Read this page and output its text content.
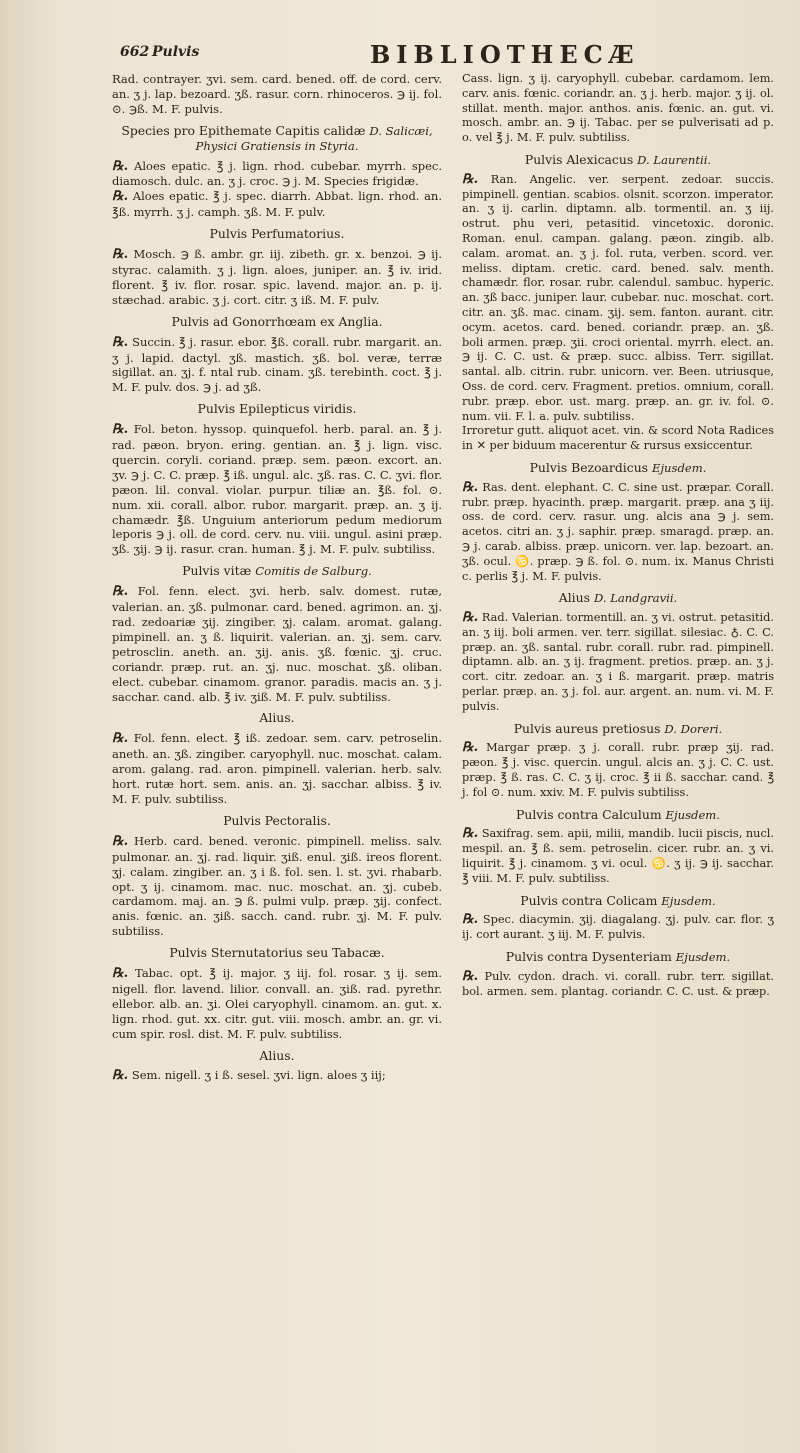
662 Pulvis	BIBLIOTHECÆ

Rad. contrayer. ʒvi. sem. card. bened. off. de cord. cerv. an. ʒ j. lap. bezoard. ʒß. rasur. corn. rhinoceros. ℈ ij. fol. ⊙. ℈ß. M. F. pulvis.

Species pro Epithemate Capitis calidæ D. Salicæi, Physici Gratiensis in Styria.

℞. Aloes epatic. ℥ j. lign. rhod. cubebar. myrrh. spec. diamosch. dulc. an. ʒ j. croc. ℈ j. M. Species frigidæ.

℞. Aloes epatic. ℥ j. spec. diarrh. Abbat. lign. rhod. an. ℥ß. myrrh. ʒ j. camph. ʒß. M. F. pulv.

Pulvis Perfumatorius.

℞. Mosch. ℈ ß. ambr. gr. iij. zibeth. gr. x. benzoi. ℈ ij. styrac. calamith. ʒ j. lign. aloes, juniper. an. ℥ iv. irid. florent. ℥ iv. flor. rosar. spic. lavend. major. an. p. ij. stæchad. arabic. ʒ j. cort. citr. ʒ iß. M. F. pulv.

Pulvis ad Gonorrhœam ex Anglia.

℞. Succin. ℥ j. rasur. ebor. ℥ß. corall. rubr. margarit. an. ʒ j. lapid. dactyl. ʒß. mastich. ʒß. bol. veræ, terræ sigillat. an. ʒj. f. ntal rub. cinam. ʒß. terebinth. coct. ℥ j. M. F. pulv. dos. ℈ j. ad ʒß.

Pulvis Epilepticus viridis.

℞. Fol. beton. hyssop. quinquefol. herb. paral. an. ℥ j. rad. pæon. bryon. ering. gentian. an. ℥ j. lign. visc. quercin. coryli. coriand. præp. sem. pæon. excort. an. ʒv. ℈ j. C. C. præp. ℥ iß. ungul. alc. ʒß. ras. C. C. ʒvi. flor. pæon. lil. conval. violar. purpur. tiliæ an. ℥ß. fol. ⊙. num. xii. corall. albor. rubor. margarit. præp. an. ʒ ij. chamædr. ℥ß. Unguium anteriorum pedum mediorum leporis ℈ j. oll. de cord. cerv. nu. viii. ungul. asini præp. ʒß. ʒij. ℈ ij. rasur. cran. human. ℥ j. M. F. pulv. subtiliss.

Pulvis vitæ Comitis de Salburg.

℞. Fol. fenn. elect. ʒvi. herb. salv. domest. rutæ, valerian. an. ʒß. pulmonar. card. bened. agrimon. an. ʒj. rad. zedoariæ ʒij. zingiber. ʒj. calam. aromat. galang. pimpinell. an. ʒ ß. liquirit. valerian. an. ʒj. sem. carv. petrosclin. aneth. an. ʒij. anis. ʒß. fœnic. ʒj. cruc. coriandr. præp. rut. an. ʒj. nuc. moschat. ʒß. oliban. elect. cubebar. cinamom. granor. paradis. macis an. ʒ j. sacchar. cand. alb. ℥ iv. ʒiß. M. F. pulv. subtiliss.

Alius.

℞. Fol. fenn. elect. ℥ iß. zedoar. sem. carv. petroselin. aneth. an. ʒß. zingiber. caryophyll. nuc. moschat. calam. arom. galang. rad. aron. pimpinell. valerian. herb. salv. hort. rutæ hort. sem. anis. an. ʒj. sacchar. albiss. ℥ iv. M. F. pulv. subtiliss.

Pulvis Pectoralis.

℞. Herb. card. bened. veronic. pimpinell. meliss. salv. pulmonar. an. ʒj. rad. liquir. ʒiß. enul. ʒiß. ireos florent. ʒj. calam. zingiber. an. ʒ i ß. fol. sen. l. st. ʒvi. rhabarb. opt. ʒ ij. cinamom. mac. nuc. moschat. an. ʒj. cubeb. cardamom. maj. an. ℈ ß. pulmi vulp. præp. ʒij. confect. anis. fœnic. an. ʒiß. sacch. cand. rubr. ʒj. M. F. pulv. subtiliss.

Pulvis Sternutatorius seu Tabacæ.

℞. Tabac. opt. ℥ ij. major. ʒ iij. fol. rosar. ʒ ij. sem. nigell. flor. lavend. lilior. convall. an. ʒiß. rad. pyrethr. ellebor. alb. an. ʒi. Olei caryophyll. cinamom. an. gut. x. lign. rhod. gut. xx. citr. gut. viii. mosch. ambr. an. gr. vi. cum spir. rosl. dist. M. F. pulv. subtiliss.

Alius.

℞. Sem. nigell. ʒ i ß. sesel. ʒvi. lign. aloes ʒ iij;

Cass. lign. ʒ ij. caryophyll. cubebar. cardamom. lem. carv. anis. fœnic. coriandr. an. ʒ j. herb. major. ʒ ij. ol. stillat. menth. major. anthos. anis. fœnic. an. gut. vi. mosch. ambr. an. ℈ ij. Tabac. per se pulverisati ad p. o. vel ℥ j. M. F. pulv. subtiliss.

Pulvis Alexicacus D. Laurentii.

℞. Ran. Angelic. ver. serpent. zedoar. succis. pimpinell. gentian. scabios. olsnit. scorzon. imperator. an. ʒ ij. carlin. diptamn. alb. tormentil. an. ʒ iij. ostrut. phu veri, petasitid. vincetoxic. doronic. Roman. enul. campan. galang. pæon. zingib. alb. calam. aromat. an. ʒ j. fol. ruta, verben. scord. ver. meliss. diptam. cretic. card. bened. salv. menth. chamædr. flor. rosar. rubr. calendul. sambuc. hyperic. an. ʒß bacc. juniper. laur. cubebar. nuc. moschat. cort. citr. an. ʒß. mac. cinam. ʒij. sem. fanton. aurant. citr. ocym. acetos. card. bened. coriandr. præp. an. ʒß. boli armen. præp. ʒii. croci oriental. myrrh. elect. an. ℈ ij. C. C. ust. & præp. succ. albiss. Terr. sigillat. santal. alb. citrin. rubr. unicorn. ver. Been. utriusque, Oss. de cord. cerv. Fragment. pretios. omnium, corall. rubr. præp. ebor. ust. marg. præp. an. gr. iv. fol. ⊙. num. vii. F. l. a. pulv. subtiliss.

Irroretur gutt. aliquot acet. vin. & scord Nota Radices in ✕ per biduum macerentur & rursus exsiccentur.

Pulvis Bezoardicus Ejusdem.

℞. Ras. dent. elephant. C. C. sine ust. præpar. Corall. rubr. præp. hyacinth. præp. margarit. præp. ana ʒ iij. oss. de cord. cerv. rasur. ung. alcis ana ℈ j. sem. acetos. citri an. ʒ j. saphir. præp. smaragd. præp. an. ℈ j. carab. albiss. præp. unicorn. ver. lap. bezoart. an. ʒß. ocul. ♋. præp. ℈ ß. fol. ⊙. num. ix. Manus Christi c. perlis ℥ j. M. F. pulvis.

Alius D. Landgravii.

℞. Rad. Valerian. tormentill. an. ʒ vi. ostrut. petasitid. an. ʒ iij. boli armen. ver. terr. sigillat. silesiac. ♁. C. C. præp. an. ʒß. santal. rubr. corall. rubr. rad. pimpinell. diptamn. alb. an. ʒ ij. fragment. pretios. præp. an. ʒ j. cort. citr. zedoar. an. ʒ i ß. margarit. præp. matris perlar. præp. an. ʒ j. fol. aur. argent. an. num. vi. M. F. pulvis.

Pulvis aureus pretiosus D. Doreri.

℞. Margar præp. ʒ j. corall. rubr. præp ʒij. rad. pæon. ℥ j. visc. quercin. ungul. alcis an. ʒ j. C. C. ust. præp. ℥ ß. ras. C. C. ʒ ij. croc. ℥ ii ß. sacchar. cand. ℥ j. fol ⊙. num. xxiv. M. F. pulvis subtiliss.

Pulvis contra Calculum Ejusdem.

℞. Saxifrag. sem. apii, milii, mandib. lucii piscis, nucl. mespil. an. ℥ ß. sem. petroselin. cicer. rubr. an. ʒ vi. liquirit. ℥ j. cinamom. ʒ vi. ocul. ♋. ʒ ij. ℈ ij. sacchar. ℥ viii. M. F. pulv. subtiliss.

Pulvis contra Colicam Ejusdem.

℞. Spec. diacymin. ʒij. diagalang. ʒj. pulv. car. flor. ʒ ij. cort aurant. ʒ iij. M. F. pulvis.

Pulvis contra Dysenteriam Ejusdem.

℞. Pulv. cydon. drach. vi. corall. rubr. terr. sigillat. bol. armen. sem. plantag. coriandr. C. C. ust. & præp.
